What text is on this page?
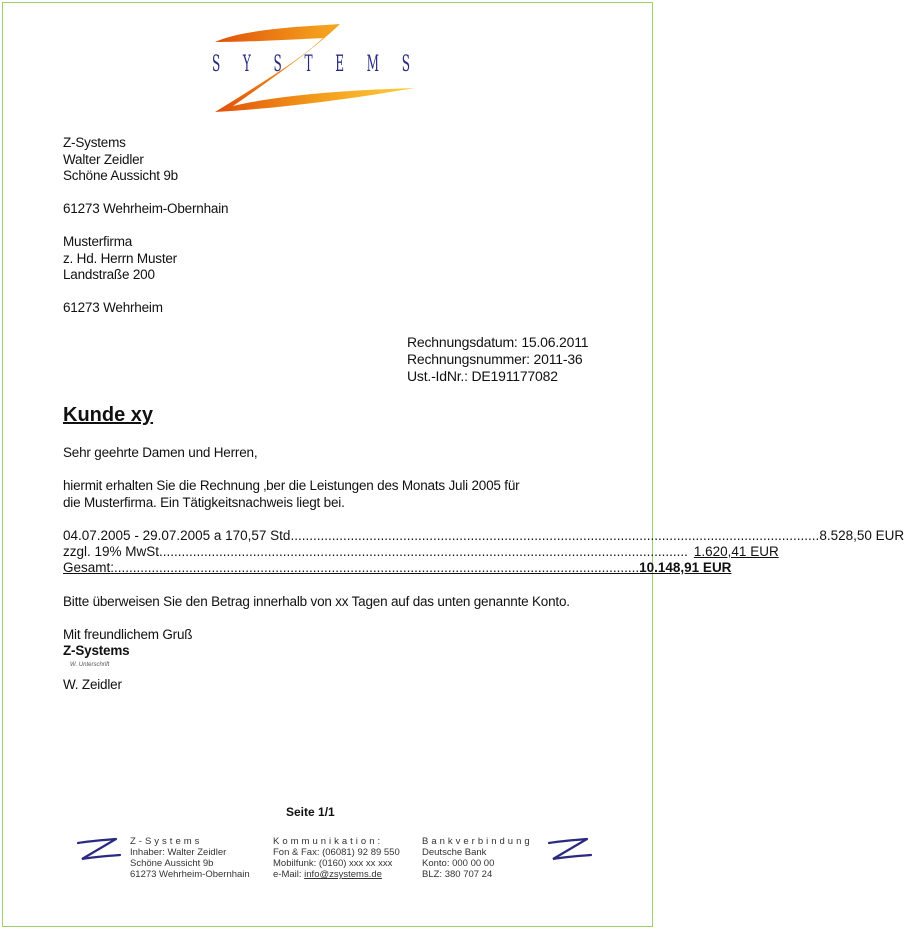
S Y S T E M S
Z-Systems
Walter Zeidler
Schöne Aussicht 9b
61273 Wehrheim-Obernhain
Musterfirma
z. Hd. Herrn Muster
Landstraße 200
61273 Wehrheim
Rechnungsdatum: 15.06.2011
Rechnungsnummer: 2011-36
Ust.-IdNr.: DE191177082
Kunde xy
Sehr geehrte Damen und Herren,
hiermit erhalten Sie die Rechnung ‚ber die Leistungen des Monats Juli 2005 für
die Musterfirma. Ein Tätigkeitsnachweis liegt bei.
04.07.2005 - 29.07.2005 a 170,57 Std. ............................................................................................................................................ 8.528,50 EUR
zzgl. 19% MwSt. ............................................................................................................................................ 1.620,41 EUR
Gesamt: ............................................................................................................................................ 10.148,91 EUR
Bitte überweisen Sie den Betrag innerhalb von xx Tagen auf das unten genannte Konto.
Mit freundlichem Gruß
Z-Systems
W. Unterschrift
W. Zeidler
Seite 1/1
Z-Systems
Inhaber: Walter Zeidler
Schöne Aussicht 9b
61273 Wehrheim-Obernhain
Kommunikation:
Fon & Fax: (06081) 92 89 550
Mobilfunk: (0160) xxx xx xxx
e-Mail: info@zsystems.de
Bankverbindung
Deutsche Bank
Konto: 000 00 00
BLZ: 380 707 24
